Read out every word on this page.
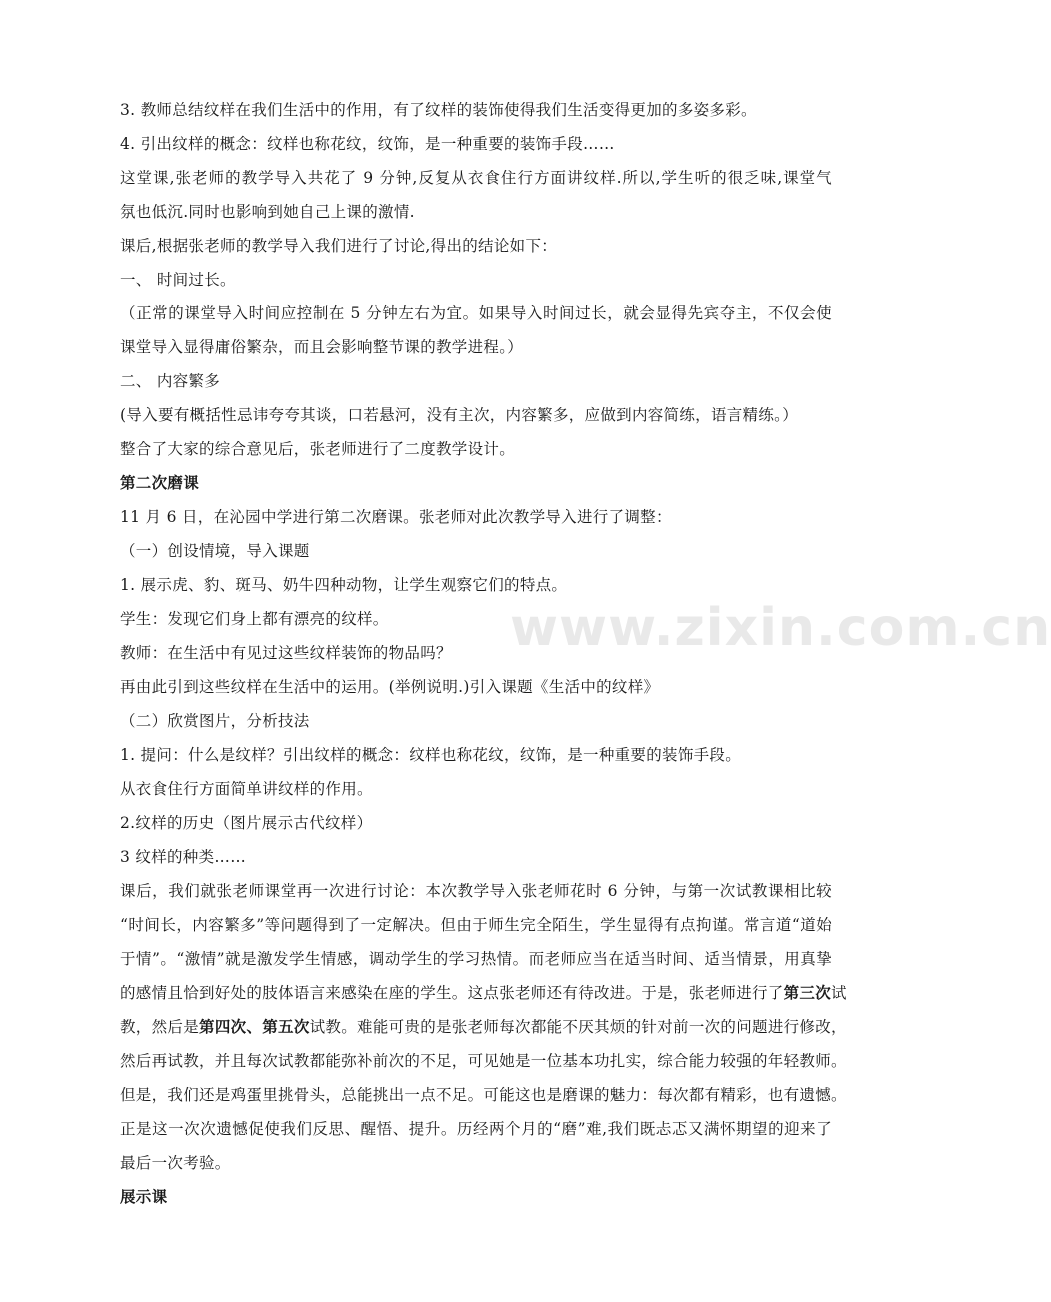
www.zixin.com.cn
3. 教师总结纹样在我们生活中的作用，有了纹样的装饰使得我们生活变得更加的多姿多彩。
4. 引出纹样的概念：纹样也称花纹，纹饰，是一种重要的装饰手段……
这堂课,张老师的教学导入共花了 9 分钟,反复从衣食住行方面讲纹样.所以,学生听的很乏味,课堂气
氛也低沉.同时也影响到她自己上课的激情.
课后,根据张老师的教学导入我们进行了讨论,得出的结论如下：
一、 时间过长。
（正常的课堂导入时间应控制在 5 分钟左右为宜。如果导入时间过长，就会显得先宾夺主，不仅会使
课堂导入显得庸俗繁杂，而且会影响整节课的教学进程。）
二、 内容繁多
(导入要有概括性忌讳夸夸其谈，口若悬河，没有主次，内容繁多，应做到内容简练，语言精练。）
整合了大家的综合意见后，张老师进行了二度教学设计。
第二次磨课
11 月 6 日，在沁园中学进行第二次磨课。张老师对此次教学导入进行了调整：
（一）创设情境，导入课题
1. 展示虎、豹、斑马、奶牛四种动物，让学生观察它们的特点。
学生：发现它们身上都有漂亮的纹样。
教师：在生活中有见过这些纹样装饰的物品吗？
再由此引到这些纹样在生活中的运用。(举例说明.)引入课题《生活中的纹样》
（二）欣赏图片，分析技法
1. 提问：什么是纹样？引出纹样的概念：纹样也称花纹，纹饰，是一种重要的装饰手段。
从衣食住行方面简单讲纹样的作用。
2.纹样的历史（图片展示古代纹样）
3 纹样的种类……
课后，我们就张老师课堂再一次进行讨论：本次教学导入张老师花时 6 分钟，与第一次试教课相比较
“时间长，内容繁多”等问题得到了一定解决。但由于师生完全陌生，学生显得有点拘谨。常言道“道始
于情”。“激情”就是激发学生情感，调动学生的学习热情。而老师应当在适当时间、适当情景，用真挚
的感情且恰到好处的肢体语言来感染在座的学生。这点张老师还有待改进。于是，张老师进行了第三次试
教，然后是第四次、第五次试教。难能可贵的是张老师每次都能不厌其烦的针对前一次的问题进行修改，
然后再试教，并且每次试教都能弥补前次的不足，可见她是一位基本功扎实，综合能力较强的年轻教师。
但是，我们还是鸡蛋里挑骨头，总能挑出一点不足。可能这也是磨课的魅力：每次都有精彩，也有遗憾。
正是这一次次遗憾促使我们反思、醒悟、提升。历经两个月的“磨”难,我们既忐忑又满怀期望的迎来了
最后一次考验。
展示课
